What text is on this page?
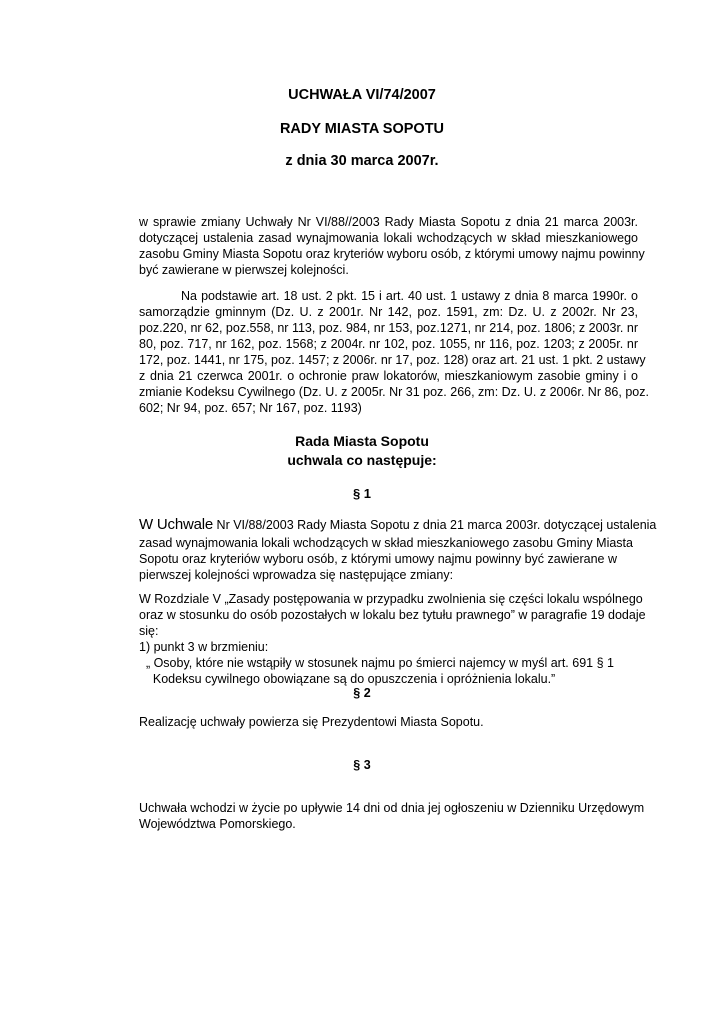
UCHWAŁA VI/74/2007
RADY MIASTA SOPOTU
z dnia 30 marca 2007r.
w sprawie zmiany Uchwały Nr VI/88//2003 Rady Miasta Sopotu z dnia 21 marca 2003r.
dotyczącej ustalenia zasad wynajmowania lokali wchodzących w skład mieszkaniowego
zasobu Gminy Miasta Sopotu oraz kryteriów wyboru osób, z którymi umowy najmu powinny
być zawierane w pierwszej kolejności.
Na podstawie art. 18 ust. 2 pkt. 15 i art. 40 ust. 1 ustawy z dnia 8 marca 1990r. o
samorządzie gminnym (Dz. U. z 2001r. Nr 142, poz. 1591, zm: Dz. U. z 2002r. Nr 23,
poz.220, nr 62, poz.558, nr 113, poz. 984, nr 153, poz.1271, nr 214, poz. 1806; z 2003r. nr
80, poz. 717, nr 162, poz. 1568; z 2004r. nr 102, poz. 1055, nr 116, poz. 1203; z 2005r. nr
172, poz. 1441, nr 175, poz. 1457; z 2006r. nr 17, poz. 128) oraz art. 21 ust. 1 pkt. 2 ustawy
z dnia 21 czerwca 2001r. o ochronie praw lokatorów, mieszkaniowym zasobie gminy i o
zmianie Kodeksu Cywilnego (Dz. U. z 2005r. Nr 31 poz. 266, zm: Dz. U. z 2006r. Nr 86, poz.
602; Nr 94, poz. 657; Nr 167, poz. 1193)
Rada Miasta Sopotu
uchwala co następuje:
§ 1
W Uchwale Nr VI/88/2003 Rady Miasta Sopotu z dnia 21 marca 2003r. dotyczącej ustalenia
zasad wynajmowania lokali wchodzących w skład mieszkaniowego zasobu Gminy Miasta
Sopotu oraz kryteriów wyboru osób, z którymi umowy najmu powinny być zawierane w
pierwszej kolejności wprowadza się następujące zmiany:
W Rozdziale V „Zasady postępowania w przypadku zwolnienia się części lokalu wspólnego
oraz w stosunku do osób pozostałych w lokalu bez tytułu prawnego” w paragrafie 19 dodaje
się:
1) punkt 3 w brzmieniu:
„ Osoby, które nie wstąpiły w stosunek najmu po śmierci najemcy w myśl art. 691 § 1
Kodeksu cywilnego obowiązane są do opuszczenia i opróżnienia lokalu.”
§ 2
Realizację uchwały powierza się Prezydentowi Miasta Sopotu.
§ 3
Uchwała wchodzi w życie po upływie 14 dni od dnia jej ogłoszeniu w Dzienniku Urzędowym
Województwa Pomorskiego.
